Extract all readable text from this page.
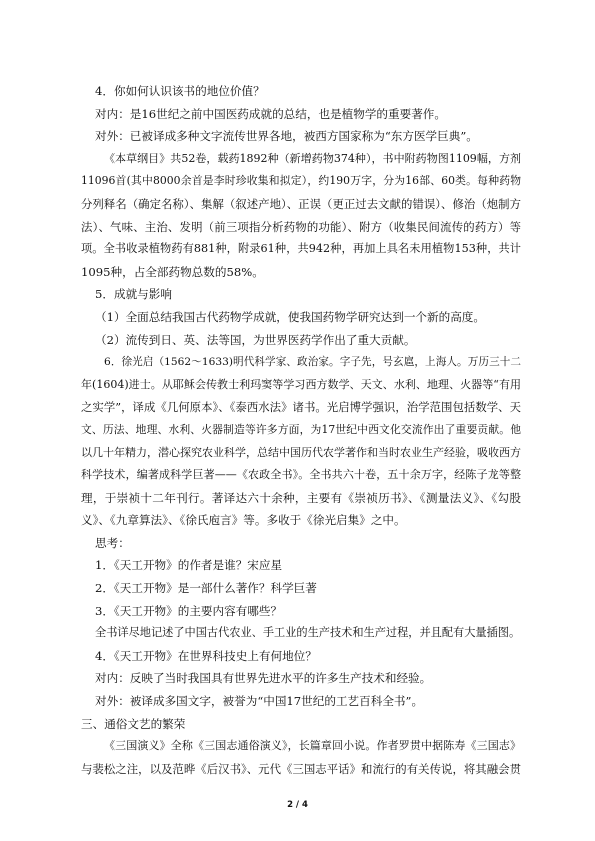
4．你如何认识该书的地位价值？
对内：是16世纪之前中国医药成就的总结，也是植物学的重要著作。
对外：已被译成多种文字流传世界各地，被西方国家称为“东方医学巨典”。
《本草纲目》共52卷，载药1892种（新增药物374种），书中附药物图1109幅，方剂
11096首(其中8000余首是李时珍收集和拟定），约190万字，分为16部、60类。每种药物
分列释名（确定名称）、集解（叙述产地）、正误（更正过去文献的错误）、修治（炮制方
法）、气味、主治、发明（前三项指分析药物的功能）、附方（收集民间流传的药方）等
项。全书收录植物药有881种，附录61种，共942种，再加上具名未用植物153种，共计
1095种，占全部药物总数的58%。
5．成就与影响
（1）全面总结我国古代药物学成就，使我国药物学研究达到一个新的高度。
（2）流传到日、英、法等国，为世界医药学作出了重大贡献。
6．徐光启（1562～1633)明代科学家、政治家。字子先，号玄扈，上海人。万历三十二
年(1604)进士。从耶稣会传教士利玛窦等学习西方数学、天文、水利、地理、火器等“有用
之实学”，译成《几何原本》、《泰西水法》诸书。光启博学强识，治学范围包括数学、天
文、历法、地理、水利、火器制造等许多方面，为17世纪中西文化交流作出了重要贡献。他
以几十年精力，潜心探究农业科学，总结中国历代农学著作和当时农业生产经验，吸收西方
科学技术，编著成科学巨著——《农政全书》。全书共六十卷，五十余万字，经陈子龙等整
理，于崇祯十二年刊行。著译达六十余种，主要有《崇祯历书》、《测量法义》、《勾股
义》、《九章算法》、《徐氏庖言》等。多收于《徐光启集》之中。
思考：
1．《天工开物》的作者是谁？宋应星
2．《天工开物》是一部什么著作？科学巨著
3．《天工开物》的主要内容有哪些？
全书详尽地记述了中国古代农业、手工业的生产技术和生产过程，并且配有大量插图。
4．《天工开物》在世界科技史上有何地位？
对内：反映了当时我国具有世界先进水平的许多生产技术和经验。
对外：被译成多国文字，被誉为“中国17世纪的工艺百科全书”。
三、通俗文艺的繁荣
《三国演义》全称《三国志通俗演义》，长篇章回小说。作者罗贯中据陈寿《三国志》
与裴松之注，以及范晔《后汉书》、元代《三国志平话》和流行的有关传说，将其融会贯
2 / 4
